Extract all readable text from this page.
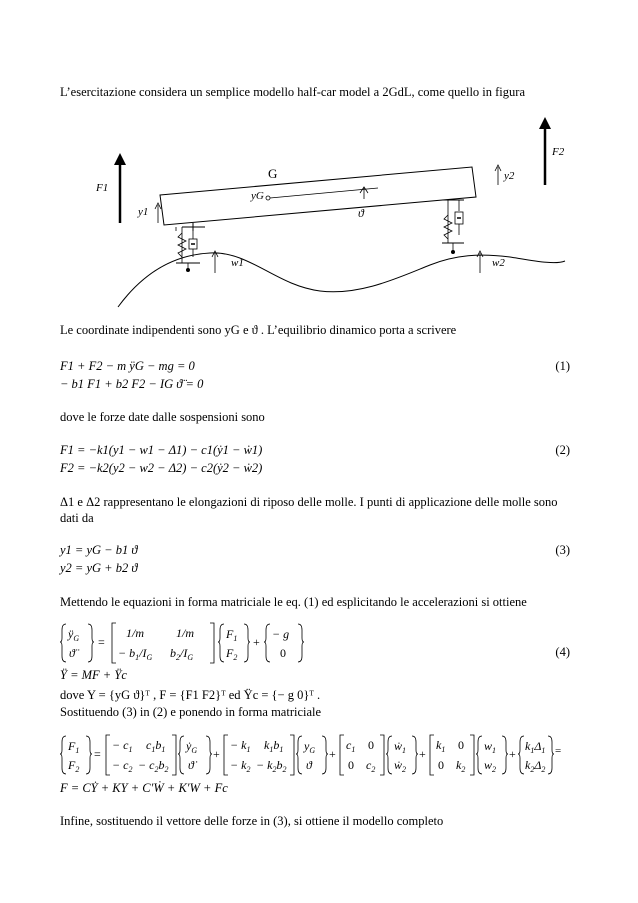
L’esercitazione considera un semplice modello half-car model a 2GdL, come quello in figura
G
yG
y1
y2
F1
F2
w1	w2
ϑ
Le coordinate indipendenti sono yG e ϑ . L’equilibrio dinamico porta a scrivere
F1 + F2 − m ÿG − mg = 0
− b1 F1 + b2 F2 − IG ϑ̈ = 0
(1)
dove le forze date dalle sospensioni sono
F1 = −k1(y1 − w1 − Δ1) − c1(ẏ1 − ẇ1)
F2 = −k2(y2 − w2 − Δ2) − c2(ẏ2 − ẇ2)
(2)
Δ1 e Δ2 rappresentano le elongazioni di riposo delle molle. I punti di applicazione delle molle sono
dati da
y1 = yG − b1 ϑ
y2 = yG + b2 ϑ
(3)
Mettendo le equazioni in forma matriciale le eq. (1) ed esplicitando le accelerazioni si ottiene
$ÿ_G$
ϑ̈
=
1/m	1/m
− $b_1/I_G$ $b_2/I_G$
$F_1$
$F_2$
+
− g
0	(4)
Ÿ = MF + Ÿc
dove Y = {yG ϑ}ᵀ , F = {F1 F2}ᵀ ed Ÿc = {− g 0}ᵀ .
Sostituendo (3) in (2) e ponendo in forma matriciale
$F_1$
$F_2$
=
− $c_1$ $c_1b_1$
− $c_2 - c_2b_2$
ẏ$_G$
ϑ̇
+
− $k_1$ $k_1b_1$
− $k_2 - k_2b_2$
$y_G$
ϑ
+
$c_1$ 0
0 $c_2$
ẇ$_1$
ẇ$_2$
+
$k_1$ 0
0 $k_2$
$w_1$
$w_2$
+
$k_1\Delta_1$
$k_2\Delta_2$
=
F = CẎ + KY + C′Ẇ + K′W + Fc
Infine, sostituendo il vettore delle forze in (3), si ottiene il modello completo
